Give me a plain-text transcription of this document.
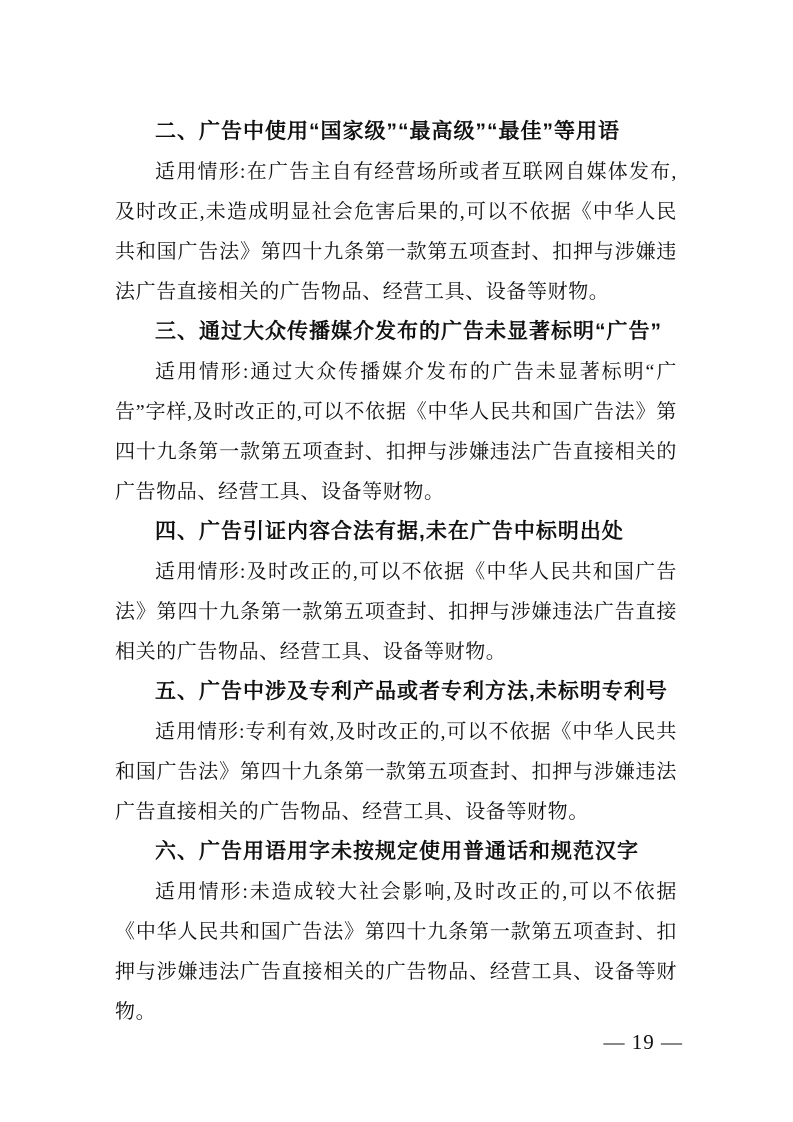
二、广告中使用“国家级”“最高级”“最佳”等用语

适用情形:在广告主自有经营场所或者互联网自媒体发布,及时改正,未造成明显社会危害后果的,可以不依据《中华人民共和国广告法》第四十九条第一款第五项查封、扣押与涉嫌违法广告直接相关的广告物品、经营工具、设备等财物。

三、通过大众传播媒介发布的广告未显著标明“广告”

适用情形:通过大众传播媒介发布的广告未显著标明“广告”字样,及时改正的,可以不依据《中华人民共和国广告法》第四十九条第一款第五项查封、扣押与涉嫌违法广告直接相关的广告物品、经营工具、设备等财物。

四、广告引证内容合法有据,未在广告中标明出处

适用情形:及时改正的,可以不依据《中华人民共和国广告法》第四十九条第一款第五项查封、扣押与涉嫌违法广告直接相关的广告物品、经营工具、设备等财物。

五、广告中涉及专利产品或者专利方法,未标明专利号

适用情形:专利有效,及时改正的,可以不依据《中华人民共和国广告法》第四十九条第一款第五项查封、扣押与涉嫌违法广告直接相关的广告物品、经营工具、设备等财物。

六、广告用语用字未按规定使用普通话和规范汉字

适用情形:未造成较大社会影响,及时改正的,可以不依据《中华人民共和国广告法》第四十九条第一款第五项查封、扣押与涉嫌违法广告直接相关的广告物品、经营工具、设备等财物。

— 19 —
